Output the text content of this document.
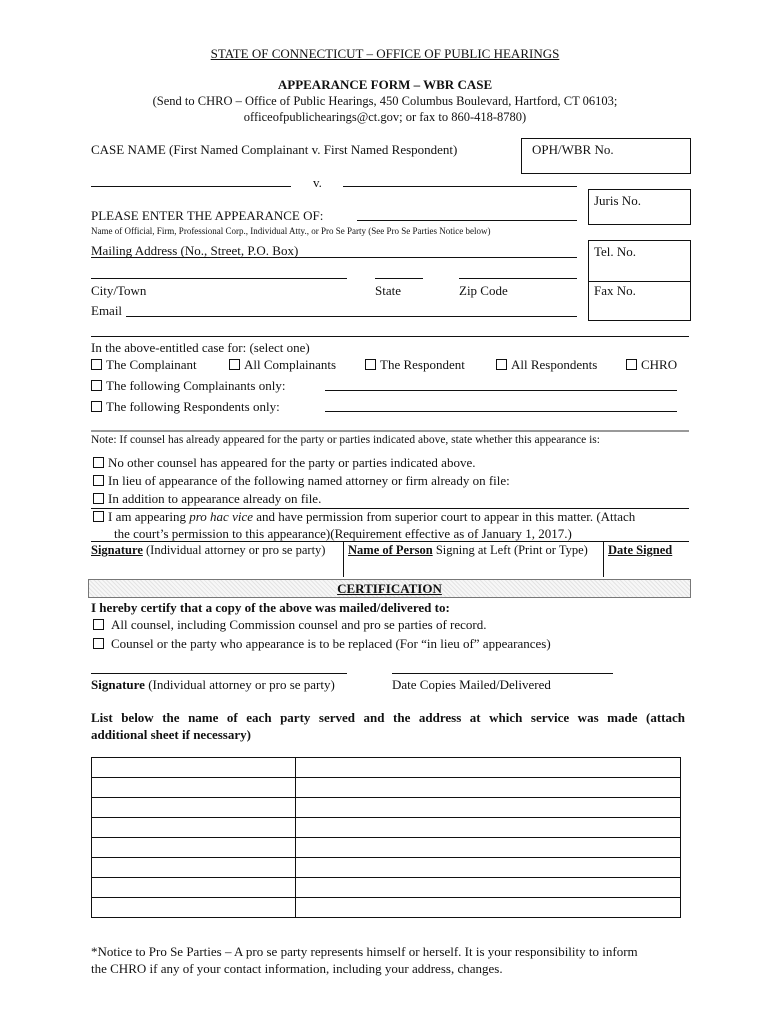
STATE OF CONNECTICUT – OFFICE OF PUBLIC HEARINGS
APPEARANCE FORM – WBR CASE
(Send to CHRO – Office of Public Hearings, 450 Columbus Boulevard, Hartford, CT 06103;
officeofpublichearings@ct.gov; or fax to 860-418-8780)
CASE NAME (First Named Complainant v. First Named Respondent)	OPH/WBR No.
v.
Juris No.
PLEASE ENTER THE APPEARANCE OF:
Name of Official, Firm, Professional Corp., Individual Atty., or Pro Se Party (See Pro Se Parties Notice below)
Tel. No.
Fax No.
Mailing Address (No., Street, P.O. Box)
City/Town	State	Zip Code
Email
In the above-entitled case for: (select one)
The Complainant	All Complainants	The Respondent	All Respondents	CHRO
The following Complainants only:
The following Respondents only:
Note: If counsel has already appeared for the party or parties indicated above, state whether this appearance is:
No other counsel has appeared for the party or parties indicated above.
In lieu of appearance of the following named attorney or firm already on file:
In addition to appearance already on file.
I am appearing pro hac vice and have permission from superior court to appear in this matter. (Attach
the court’s permission to this appearance)(Requirement effective as of January 1, 2017.)
Signature (Individual attorney or pro se party) Name of Person Signing at Left (Print or Type) Date Signed
CERTIFICATION
I hereby certify that a copy of the above was mailed/delivered to:
All counsel, including Commission counsel and pro se parties of record.
Counsel or the party who appearance is to be replaced (For “in lieu of” appearances)
Signature (Individual attorney or pro se party)	Date Copies Mailed/Delivered
List below the name of each party served and the address at which service was made (attach
additional sheet if necessary)

*Notice to Pro Se Parties – A pro se party represents himself or herself. It is your responsibility to inform
the CHRO if any of your contact information, including your address, changes.
